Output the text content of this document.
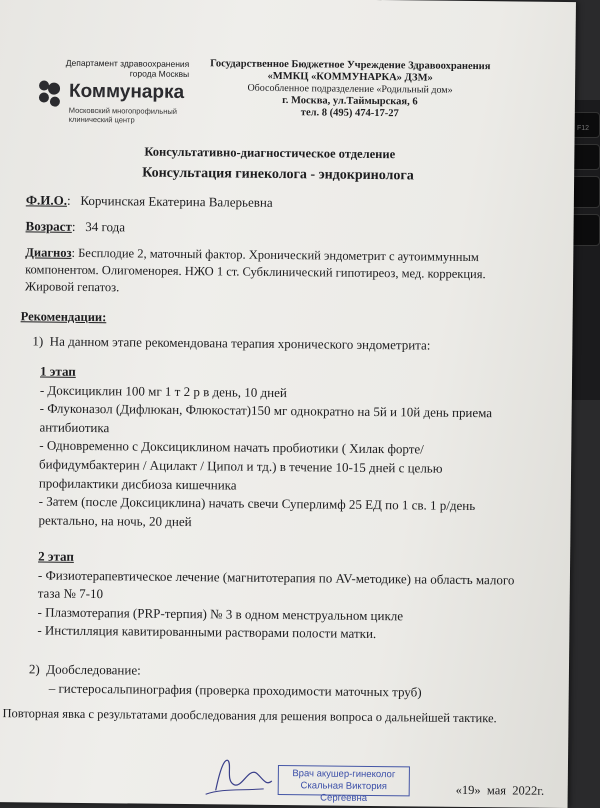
F12
Департамент здравоохранения
города Москвы
Коммунарка
Московский многопрофильный
клинический центр
Государственное Бюджетное Учреждение Здравоохранения
«ММКЦ «КОММУНАРКА» ДЗМ»
Обособленное подразделение «Родильный дом»
г. Москва, ул.Таймырская, 6
тел. 8 (495) 474-17-27
Консультативно-диагностическое отделение
Консультация гинеколога - эндокринолога
Ф.И.О.:   Корчинская Екатерина Валерьевна
Возраст:   34 года
Диагноз: Бесплодие 2, маточный фактор. Хронический эндометрит с аутоиммунным
компонентом. Олигоменорея. НЖО 1 ст. Субклинический гипотиреоз, мед. коррекция.
Жировой гепатоз.
Рекомендации:
1) На данном этапе рекомендована терапия хронического эндометрита:
1 этап
- Доксициклин 100 мг 1 т 2 р в день, 10 дней
- Флуконазол (Дифлюкан, Флюкостат)150 мг однократно на 5й и 10й день приема
антибиотика
- Одновременно с Доксициклином начать пробиотики ( Хилак форте/
бифидумбактерин / Ацилакт / Ципол и тд.) в течение 10-15 дней с целью
профилактики дисбиоза кишечника
- Затем (после Доксициклина) начать свечи Суперлимф 25 ЕД по 1 св. 1 р/день
ректально, на ночь, 20 дней
2 этап
- Физиотерапевтическое лечение (магнитотерапия по AV-методике) на область малого
таза № 7-10
- Плазмотерапия (PRP-терпия) № 3 в одном менструальном цикле
- Инстилляция кавитированными растворами полости матки.
2) Дообследование:
– гистеросальпинография (проверка проходимости маточных труб)
Повторная явка с результатами дообследования для решения вопроса о дальнейшей тактике.
Врач акушер-гинеколог
Скальная Виктория Сергеевна
«19» мая 2022г.
